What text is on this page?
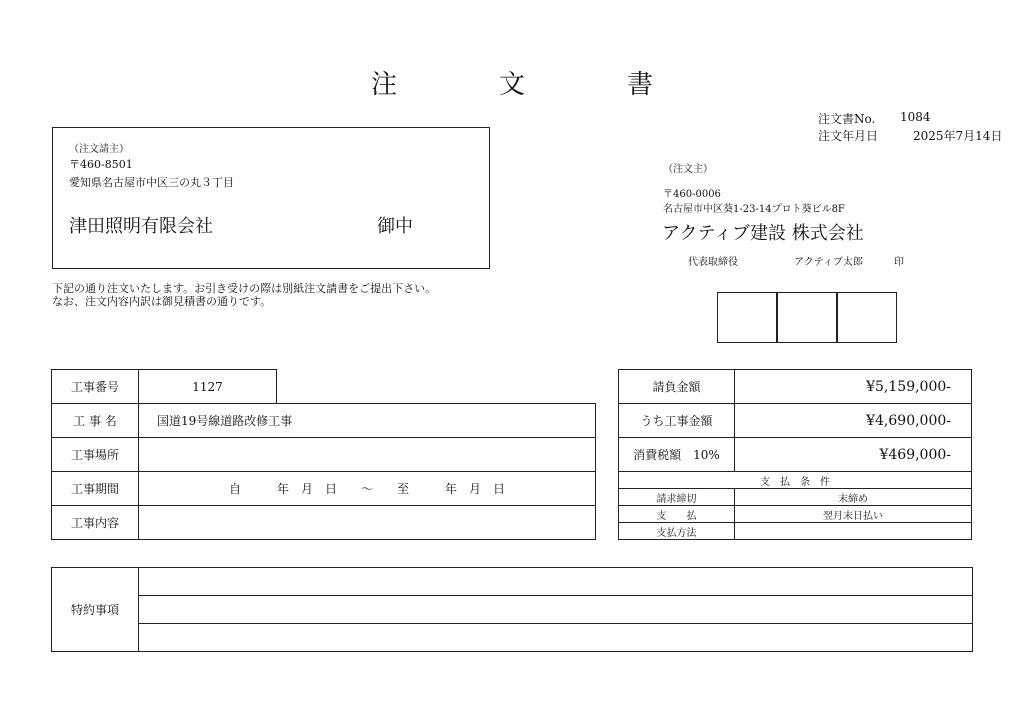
注　文　書
注文書No. 1084
注文年月日	2025年7月14日
（注文請主）
〒460-8501
愛知県名古屋市中区三の丸３丁目
津田照明有限会社	御中
下記の通り注文いたします。お引き受けの際は別紙注文請書をご提出下さい。
なお、注文内容内訳は御見積書の通りです。
（注文主）
〒460-0006
名古屋市中区葵1-23-14プロト葵ビル8F
アクティブ建設 株式会社
代表取締役	アクティブ太郎	印
工事番号	1127	
工 事 名	国道19号線道路改修工事	
工事場所		
工事期間	自　　　年　月　日　　～　　至　　　年　月　日	
工事内容		
請負金額	¥5,159,000-
うち工事金額	¥4,690,000-
消費税額　10%	¥469,000-
支　払　条　件	
請求締切	末締め
支　　払	翌月末日払い
支払方法	
特約事項	
